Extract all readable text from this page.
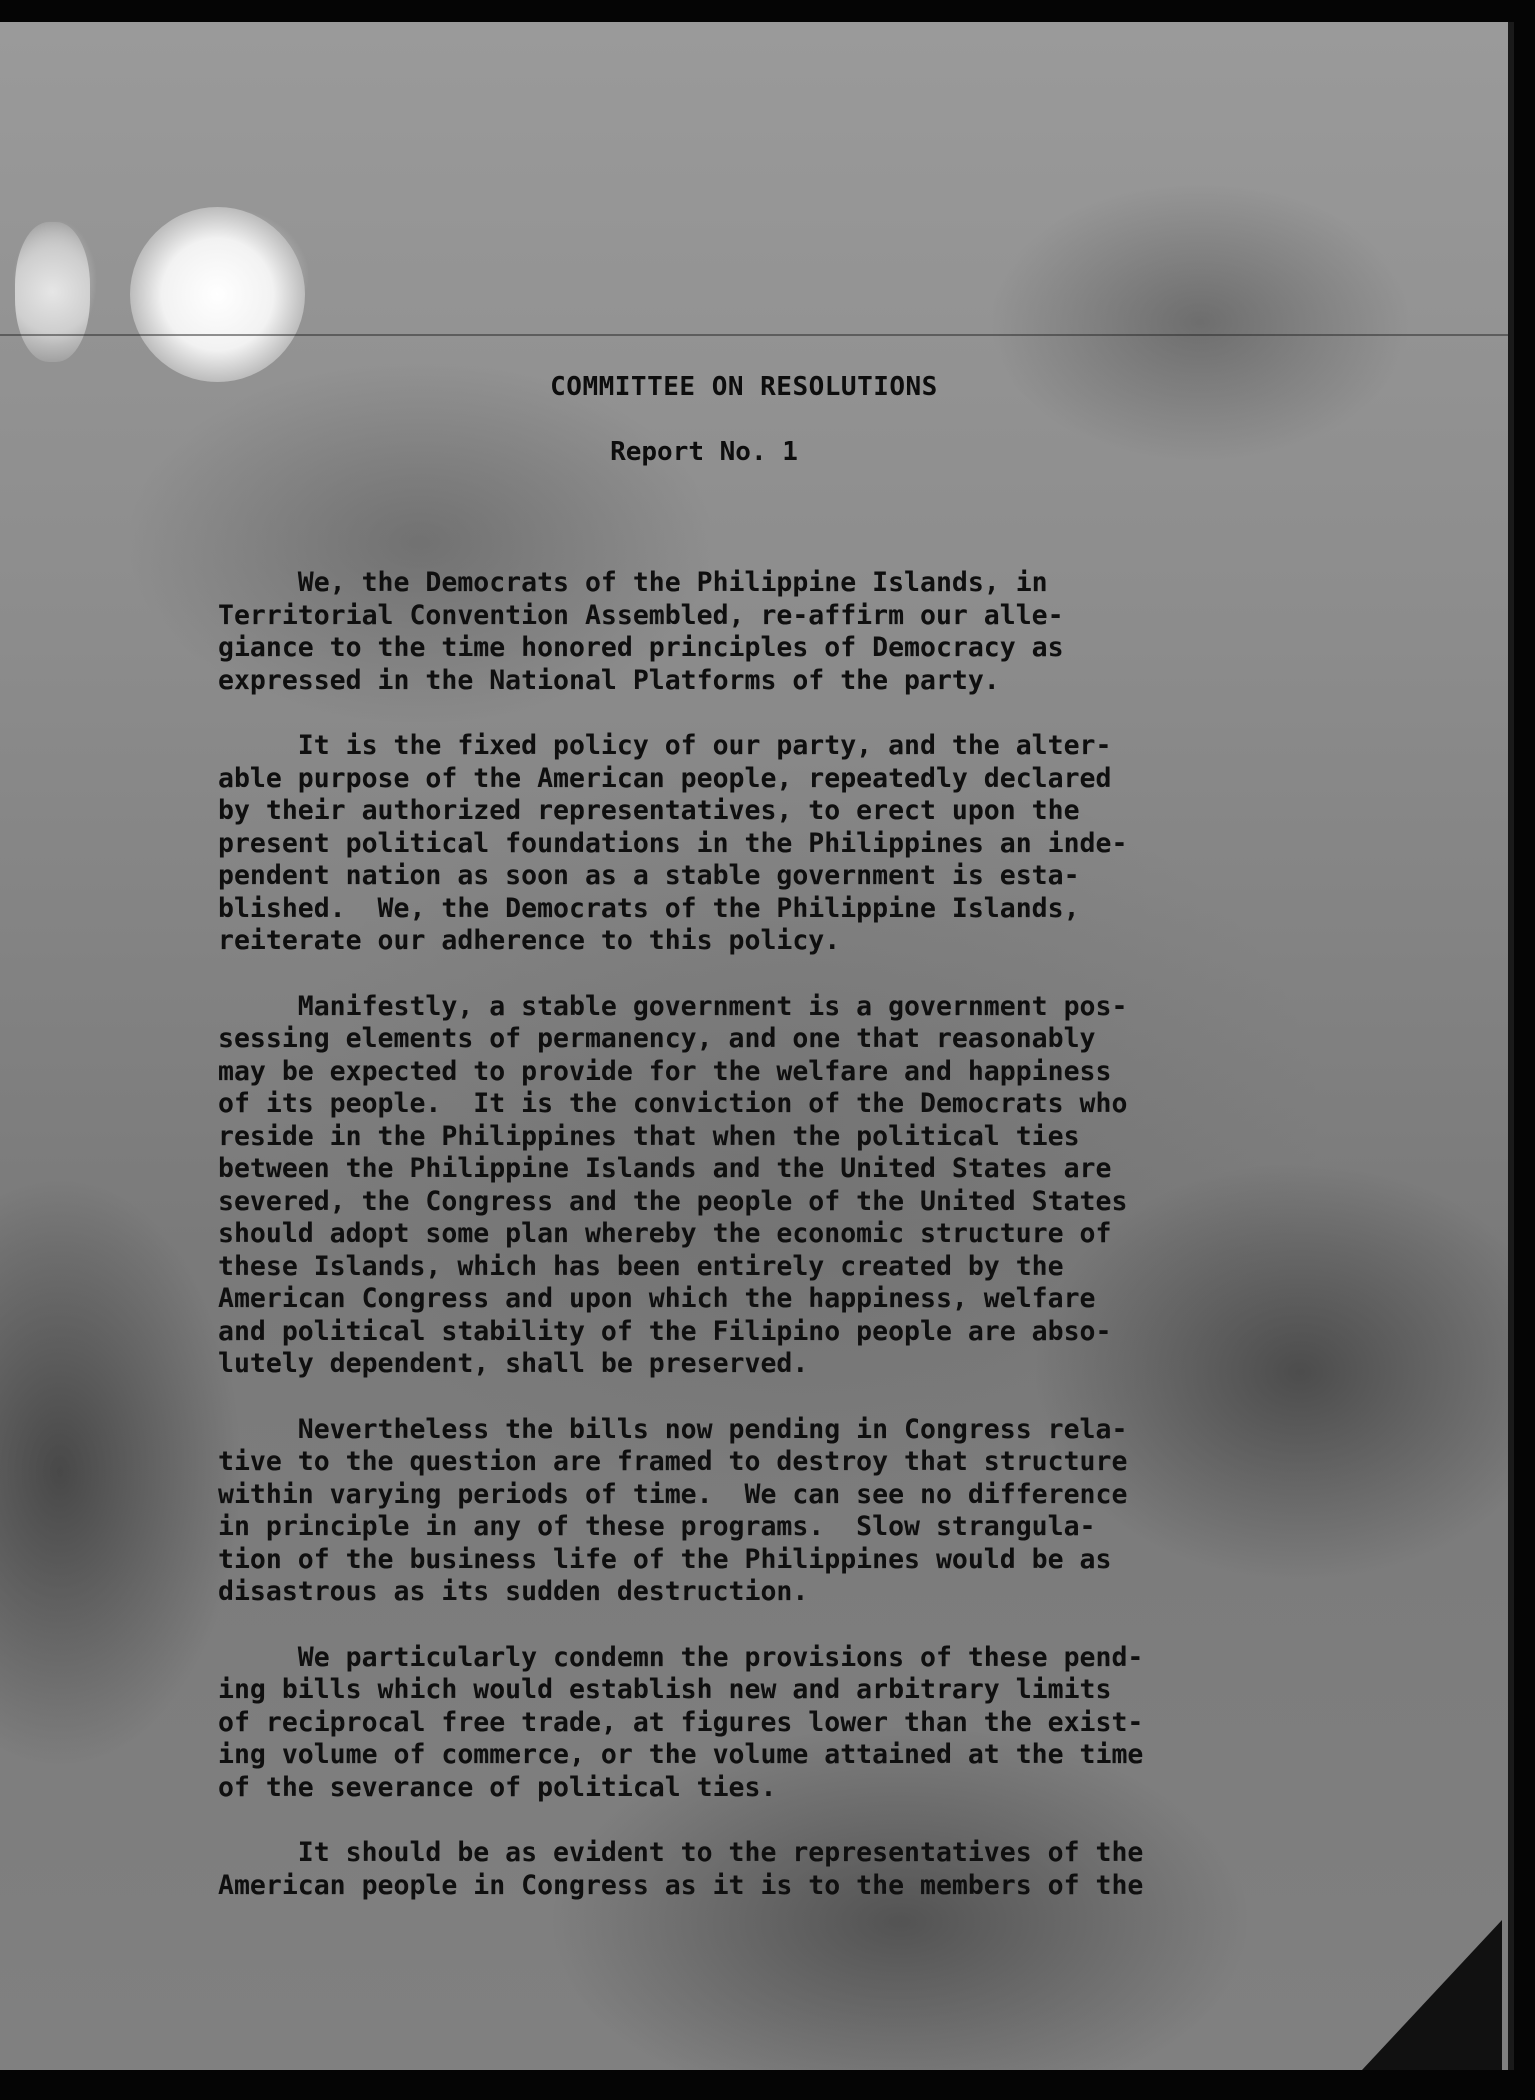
COMMITTEE ON RESOLUTIONS
Report No. 1
We, the Democrats of the Philippine Islands, in
Territorial Convention Assembled, re-affirm our alle-
giance to the time honored principles of Democracy as
expressed in the National Platforms of the party.
It is the fixed policy of our party, and the alter-
able purpose of the American people, repeatedly declared
by their authorized representatives, to erect upon the
present political foundations in the Philippines an inde-
pendent nation as soon as a stable government is esta-
blished.  We, the Democrats of the Philippine Islands,
reiterate our adherence to this policy.
Manifestly, a stable government is a government pos-
sessing elements of permanency, and one that reasonably
may be expected to provide for the welfare and happiness
of its people.  It is the conviction of the Democrats who
reside in the Philippines that when the political ties
between the Philippine Islands and the United States are
severed, the Congress and the people of the United States
should adopt some plan whereby the economic structure of
these Islands, which has been entirely created by the
American Congress and upon which the happiness, welfare
and political stability of the Filipino people are abso-
lutely dependent, shall be preserved.
Nevertheless the bills now pending in Congress rela-
tive to the question are framed to destroy that structure
within varying periods of time.  We can see no difference
in principle in any of these programs.  Slow strangula-
tion of the business life of the Philippines would be as
disastrous as its sudden destruction.
We particularly condemn the provisions of these pend-
ing bills which would establish new and arbitrary limits
of reciprocal free trade, at figures lower than the exist-
ing volume of commerce, or the volume attained at the time
of the severance of political ties.
It should be as evident to the representatives of the
American people in Congress as it is to the members of the
